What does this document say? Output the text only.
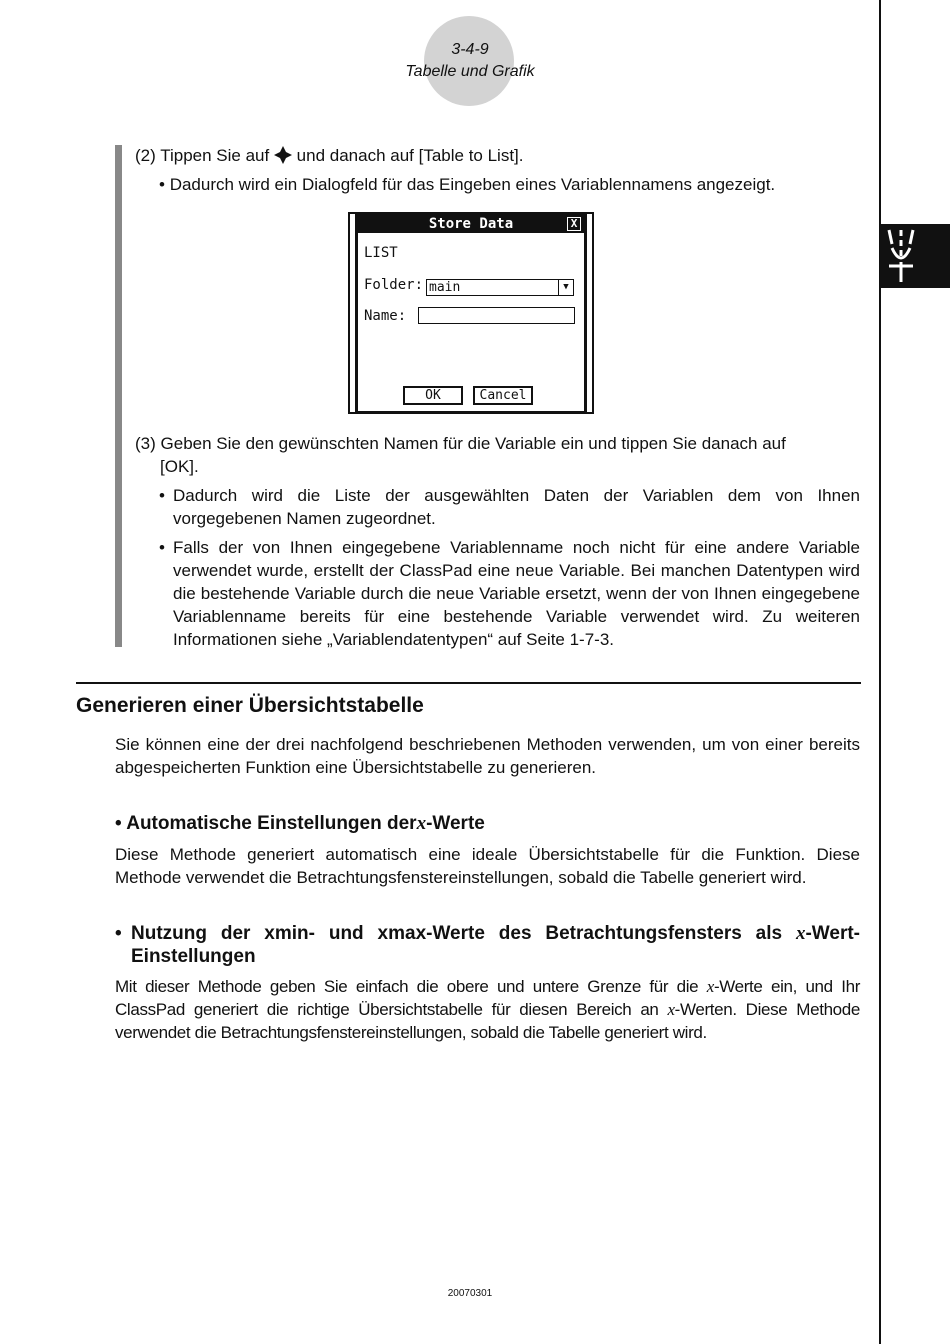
3-4-9
Tabelle und Grafik
(2) Tippen Sie auf und danach auf [Table to List].
• Dadurch wird ein Dialogfeld für das Eingeben eines Variablennamens angezeigt.
Store Data	X
LIST
Folder: main	▼
Name:
OK	Cancel
(3) Geben Sie den gewünschten Namen für die Variable ein und tippen Sie danach auf
[OK].
• Dadurch wird die Liste der ausgewählten Daten der Variablen dem von Ihnen vorgegebenen Namen zugeordnet.
• Falls der von Ihnen eingegebene Variablenname noch nicht für eine andere Variable verwendet wurde, erstellt der ClassPad eine neue Variable. Bei manchen Datentypen wird die bestehende Variable durch die neue Variable ersetzt, wenn der von Ihnen eingegebene Variablenname bereits für eine bestehende Variable verwendet wird. Zu weiteren Informationen siehe „Variablendatentypen“ auf Seite 1-7-3.
Generieren einer Übersichtstabelle
Sie können eine der drei nachfolgend beschriebenen Methoden verwenden, um von einer bereits abgespeicherten Funktion eine Übersichtstabelle zu generieren.
• Automatische Einstellungen derx-Werte
Diese Methode generiert automatisch eine ideale Übersichtstabelle für die Funktion. Diese Methode verwendet die Betrachtungsfenstereinstellungen, sobald die Tabelle generiert wird.
• Nutzung der xmin- und xmax-Werte des Betrachtungsfensters als x-Wert-
Einstellungen
Mit dieser Methode geben Sie einfach die obere und untere Grenze für die x-Werte ein, und Ihr ClassPad generiert die richtige Übersichtstabelle für diesen Bereich an x-Werten. Diese Methode verwendet die Betrachtungsfenstereinstellungen, sobald die Tabelle generiert wird.
20070301
